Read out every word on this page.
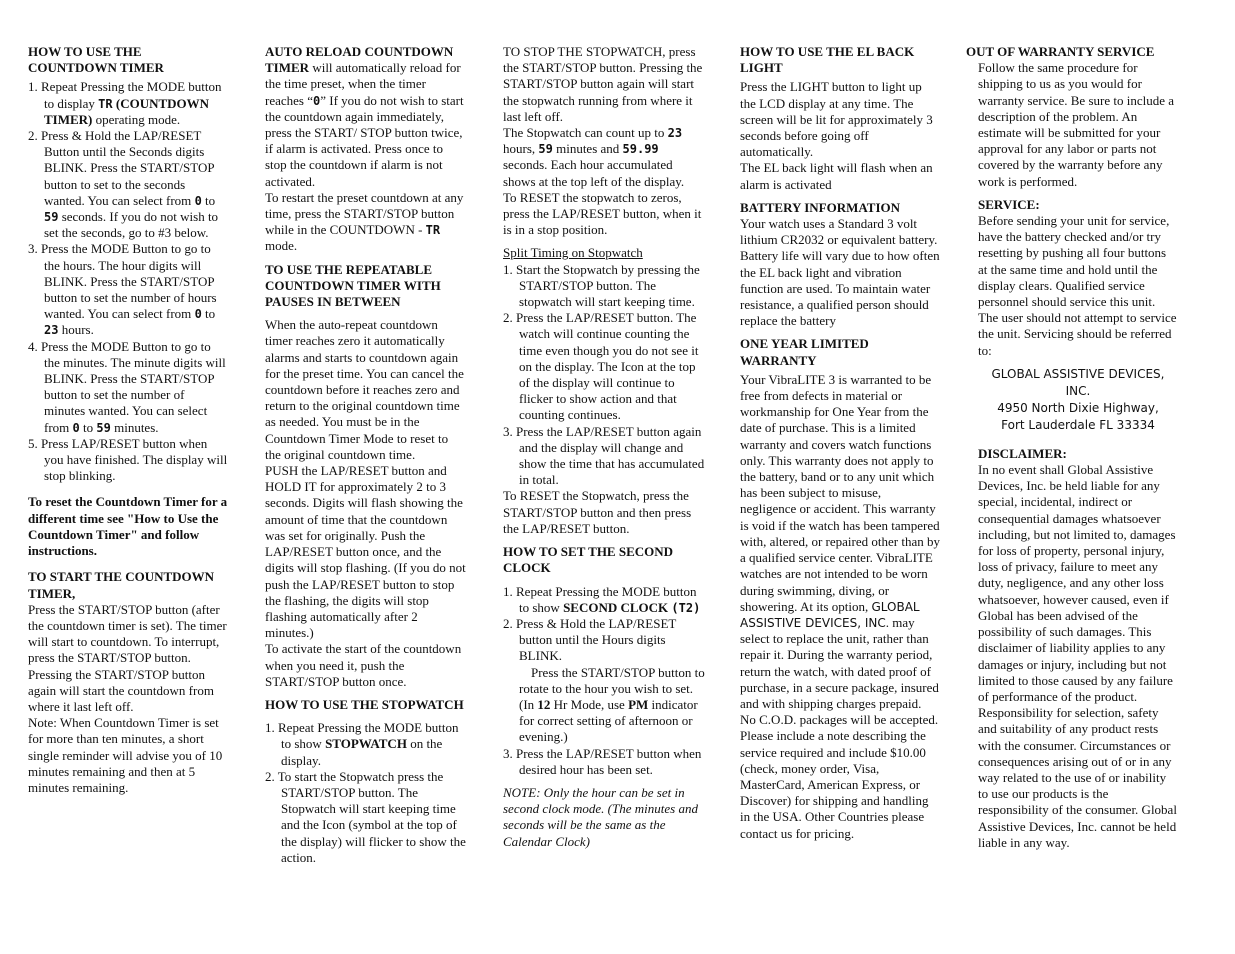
HOW TO USE THE COUNTDOWN TIMER
1. Repeat Pressing the MODE button to display TR (COUNTDOWN TIMER) operating mode.
2. Press & Hold the LAP/RESET Button until the Seconds digits BLINK. Press the START/STOP button to set to the seconds wanted. You can select from 0 to 59 seconds. If you do not wish to set the seconds, go to #3 below.
3. Press the MODE Button to go to the hours. The hour digits will BLINK. Press the START/STOP button to set the number of hours wanted. You can select from 0 to 23 hours.
4. Press the MODE Button to go to the minutes. The minute digits will BLINK. Press the START/STOP button to set the number of minutes wanted. You can select from 0 to 59 minutes.
5. Press LAP/RESET button when you have finished. The display will stop blinking.

To reset the Countdown Timer for a different time see "How to Use the Countdown Timer" and follow instructions.

TO START THE COUNTDOWN TIMER,

Press the START/STOP button (after the countdown timer is set). The timer will start to countdown. To interrupt, press the START/STOP button. Pressing the START/STOP button again will start the countdown from where it last left off.

Note: When Countdown Timer is set for more than ten minutes, a short single reminder will advise you of 10 minutes remaining and then at 5 minutes remaining.

AUTO RELOAD COUNTDOWN TIMER will automatically reload for the time preset, when the timer reaches “0” If you do not wish to start the countdown again immediately, press the START/ STOP button twice, if alarm is activated. Press once to stop the countdown if alarm is not activated.

To restart the preset countdown at any time, press the START/STOP button while in the COUNTDOWN - TR mode.

TO USE THE REPEATABLE COUNTDOWN TIMER WITH PAUSES IN BETWEEN

When the auto-repeat countdown timer reaches zero it automatically alarms and starts to countdown again for the preset time. You can cancel the countdown before it reaches zero and return to the original countdown time as needed. You must be in the Countdown Timer Mode to reset to the original countdown time.

PUSH the LAP/RESET button and HOLD IT for approximately 2 to 3 seconds. Digits will flash showing the amount of time that the countdown was set for originally. Push the LAP/RESET button once, and the digits will stop flashing. (If you do not push the LAP/RESET button to stop the flashing, the digits will stop flashing automatically after 2 minutes.)

To activate the start of the countdown when you need it, push the START/STOP button once.

HOW TO USE THE STOPWATCH
1. Repeat Pressing the MODE button to show STOPWATCH on the display.
2. To start the Stopwatch press the START/STOP button. The Stopwatch will start keeping time and the Icon (symbol at the top of the display) will flicker to show the action.

TO STOP THE STOPWATCH, press the START/STOP button. Pressing the START/STOP button again will start the stopwatch running from where it last left off.

The Stopwatch can count up to 23 hours, 59 minutes and 59.99 seconds. Each hour accumulated shows at the top left of the display.

To RESET the stopwatch to zeros, press the LAP/RESET button, when it is in a stop position.

Split Timing on Stopwatch

1. Start the Stopwatch by pressing the START/STOP button. The stopwatch will start keeping time.
2. Press the LAP/RESET button. The watch will continue counting the time even though you do not see it on the display. The Icon at the top of the display will continue to flicker to show action and that counting continues.
3. Press the LAP/RESET button again and the display will change and show the time that has accumulated in total.

To RESET the Stopwatch, press the START/STOP button and then press the LAP/RESET button.

HOW TO SET THE SECOND CLOCK
1. Repeat Pressing the MODE button to show SECOND CLOCK (T2)
2. Press & Hold the LAP/RESET button until the Hours digits BLINK.
Press the START/STOP button to rotate to the hour you wish to set. (In 12 Hr Mode, use PM indicator for correct setting of afternoon or evening.)
3. Press the LAP/RESET button when desired hour has been set.

NOTE: Only the hour can be set in second clock mode. (The minutes and seconds will be the same as the Calendar Clock)

HOW TO USE THE EL BACK LIGHT

Press the LIGHT button to light up the LCD display at any time. The screen will be lit for approximately 3 seconds before going off automatically.

The EL back light will flash when an alarm is activated

BATTERY INFORMATION

Your watch uses a Standard 3 volt lithium CR2032 or equivalent battery. Battery life will vary due to how often the EL back light and vibration function are used. To maintain water resistance, a qualified person should replace the battery

ONE YEAR LIMITED WARRANTY

Your VibraLITE 3 is warranted to be free from defects in material or workmanship for One Year from the date of purchase. This is a limited warranty and covers watch functions only. This warranty does not apply to the battery, band or to any unit which has been subject to misuse, negligence or accident. This warranty is void if the watch has been tampered with, altered, or repaired other than by a qualified service center. VibraLITE watches are not intended to be worn during swimming, diving, or showering. At its option, GLOBAL ASSISTIVE DEVICES, INC. may select to replace the unit, rather than repair it. During the warranty period, return the watch, with dated proof of purchase, in a secure package, insured and with shipping charges prepaid. No C.O.D. packages will be accepted. Please include a note describing the service required and include $10.00 (check, money order, Visa, MasterCard, American Express, or Discover) for shipping and handling in the USA. Other Countries please contact us for pricing.

OUT OF WARRANTY SERVICE

Follow the same procedure for shipping to us as you would for warranty service. Be sure to include a description of the problem. An estimate will be submitted for your approval for any labor or parts not covered by the warranty before any work is performed.

SERVICE:

Before sending your unit for service, have the battery checked and/or try resetting by pushing all four buttons at the same time and hold until the display clears. Qualified service personnel should service this unit. The user should not attempt to service the unit. Servicing should be referred to:

GLOBAL ASSISTIVE DEVICES, INC.
4950 North Dixie Highway,
Fort Lauderdale FL 33334
DISCLAIMER:

In no event shall Global Assistive Devices, Inc. be held liable for any special, incidental, indirect or consequential damages whatsoever including, but not limited to, damages for loss of property, personal injury, loss of privacy, failure to meet any duty, negligence, and any other loss whatsoever, however caused, even if Global has been advised of the possibility of such damages. This disclaimer of liability applies to any damages or injury, including but not limited to those caused by any failure of performance of the product. Responsibility for selection, safety and suitability of any product rests with the consumer. Circumstances or consequences arising out of or in any way related to the use of or inability to use our products is the responsibility of the consumer. Global Assistive Devices, Inc. cannot be held liable in any way.
